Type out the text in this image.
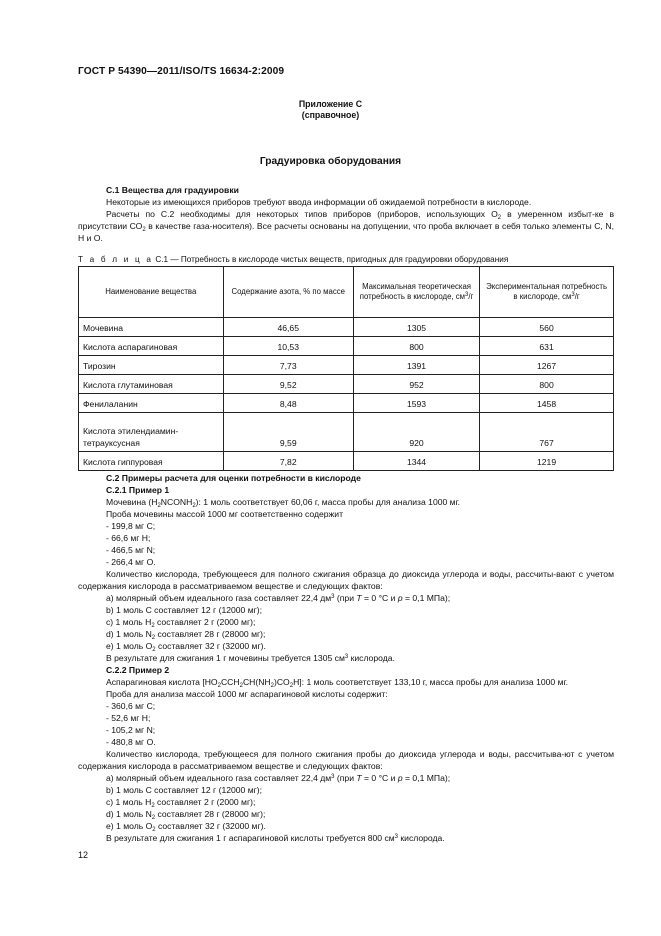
ГОСТ Р 54390—2011/ISO/TS 16634-2:2009
Приложение С
(справочное)
Градуировка оборудования
С.1 Вещества для градуировки
Некоторые из имеющихся приборов требуют ввода информации об ожидаемой потребности в кислороде.
Расчеты по С.2 необходимы для некоторых типов приборов (приборов, использующих $О_2$ в умеренном избыт-ке в присутствии $СО_2$ в качестве газа-носителя). Все расчеты основаны на допущении, что проба включает в себя только элементы С, N, Н и О.
Т а б л и ц а С.1 — Потребность в кислороде чистых веществ, пригодных для градуировки оборудования
Наименование вещества	Содержание азота, % по массе	Максимальная теоретическая потребность в кислороде, $см^3/г$	Экспериментальная потребность в кислороде, $см^3/г$
Мочевина	46,65	1305	560
Кислота аспарагиновая	10,53	800	631
Тирозин	7,73	1391	1267
Кислота глутаминовая	9,52	952	800
Фенилаланин	8,48	1593	1458
Кислота этилендиамин-тетрауксусная	9,59	920	767
Кислота гиппуровая	7,82	1344	1219
С.2 Примеры расчета для оценки потребности в кислороде
С.2.1 Пример 1
Мочевина $(H_2NCONH_2)$: 1 моль соответствует 60,06 г, масса пробы для анализа 1000 мг.
Проба мочевины массой 1000 мг соответственно содержит
- 199,8 мг С;
- 66,6 мг Н;
- 466,5 мг N;
- 266,4 мг О.
Количество кислорода, требующееся для полного сжигания образца до диоксида углерода и воды, рассчиты-вают с учетом содержания кислорода в рассматриваемом веществе и следующих фактов:
a) молярный объем идеального газа составляет 22,4 $дм^3$ (при T = 0 °С и p = 0,1 МПа);
b) 1 моль С составляет 12 г (12000 мг);
c) 1 моль $Н_2$ составляет 2 г (2000 мг);
d) 1 моль $N_2$ составляет 28 г (28000 мг);
e) 1 моль $О_2$ составляет 32 г (32000 мг).
В результате для сжигания 1 г мочевины требуется 1305 $см^3$ кислорода.
С.2.2 Пример 2
Аспарагиновая кислота $[HO_2CCH_2CH(NH_2)CO_2H]$: 1 моль соответствует 133,10 г, масса пробы для анализа 1000 мг.
Проба для анализа массой 1000 мг аспарагиновой кислоты содержит:
- 360,6 мг С;
- 52,6 мг Н;
- 105,2 мг N;
- 480,8 мг О.
Количество кислорода, требующееся для полного сжигания пробы до диоксида углерода и воды, рассчитыва-ют с учетом содержания кислорода в рассматриваемом веществе и следующих фактов:
a) молярный объем идеального газа составляет 22,4 $дм^3$ (при T = 0 °С и p = 0,1 МПа);
b) 1 моль С составляет 12 г (12000 мг);
c) 1 моль $Н_2$ составляет 2 г (2000 мг);
d) 1 моль $N_2$ составляет 28 г (28000 мг);
e) 1 моль $О_2$ составляет 32 г (32000 мг).
В результате для сжигания 1 г аспарагиновой кислоты требуется 800 $см^3$ кислорода.
12
